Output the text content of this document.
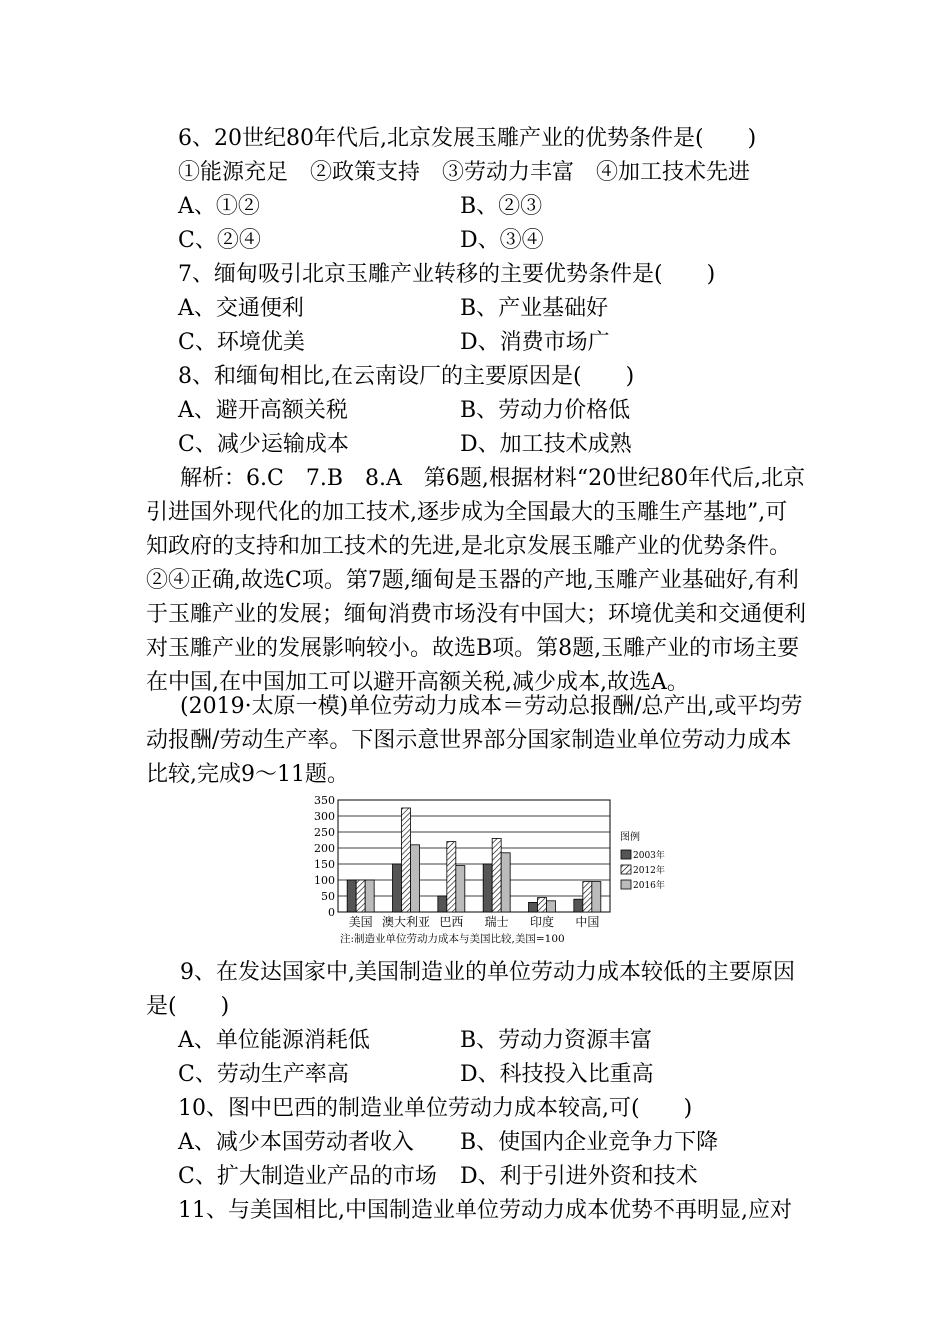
6、20世纪80年代后,北京发展玉雕产业的优势条件是(　　)
①能源充足　②政策支持　③劳动力丰富　④加工技术先进
A、①②	B、②③
C、②④	D、③④
7、缅甸吸引北京玉雕产业转移的主要优势条件是(　　)
A、交通便利	B、产业基础好
C、环境优美	D、消费市场广
8、和缅甸相比,在云南设厂的主要原因是(　　)
A、避开高额关税	B、劳动力价格低
C、减少运输成本	D、加工技术成熟
解析：6.C　7.B　8.A　第6题,根据材料“20世纪80年代后,北京引进国外现代化的加工技术,逐步成为全国最大的玉雕生产基地”,可知政府的支持和加工技术的先进,是北京发展玉雕产业的优势条件。②④正确,故选C项。第7题,缅甸是玉器的产地,玉雕产业基础好,有利于玉雕产业的发展；缅甸消费市场没有中国大；环境优美和交通便利对玉雕产业的发展影响较小。故选B项。第8题,玉雕产业的市场主要在中国,在中国加工可以避开高额关税,减少成本,故选A。
(2019·太原一模)单位劳动力成本＝劳动总报酬/总产出,或平均劳动报酬/劳动生产率。下图示意世界部分国家制造业单位劳动力成本比较,完成9～11题。
0
50
100
150
200
250
300
350
美国 澳大利亚 巴西 瑞士 印度 中国
图例
2003年
2012年
2016年
注:制造业单位劳动力成本与美国比较,美国=100
9、在发达国家中,美国制造业的单位劳动力成本较低的主要原因是(　　)
A、单位能源消耗低	B、劳动力资源丰富
C、劳动生产率高	D、科技投入比重高
10、图中巴西的制造业单位劳动力成本较高,可(　　)
A、减少本国劳动者收入 B、使国内企业竞争力下降
C、扩大制造业产品的市场 D、利于引进外资和技术
11、与美国相比,中国制造业单位劳动力成本优势不再明显,应对
